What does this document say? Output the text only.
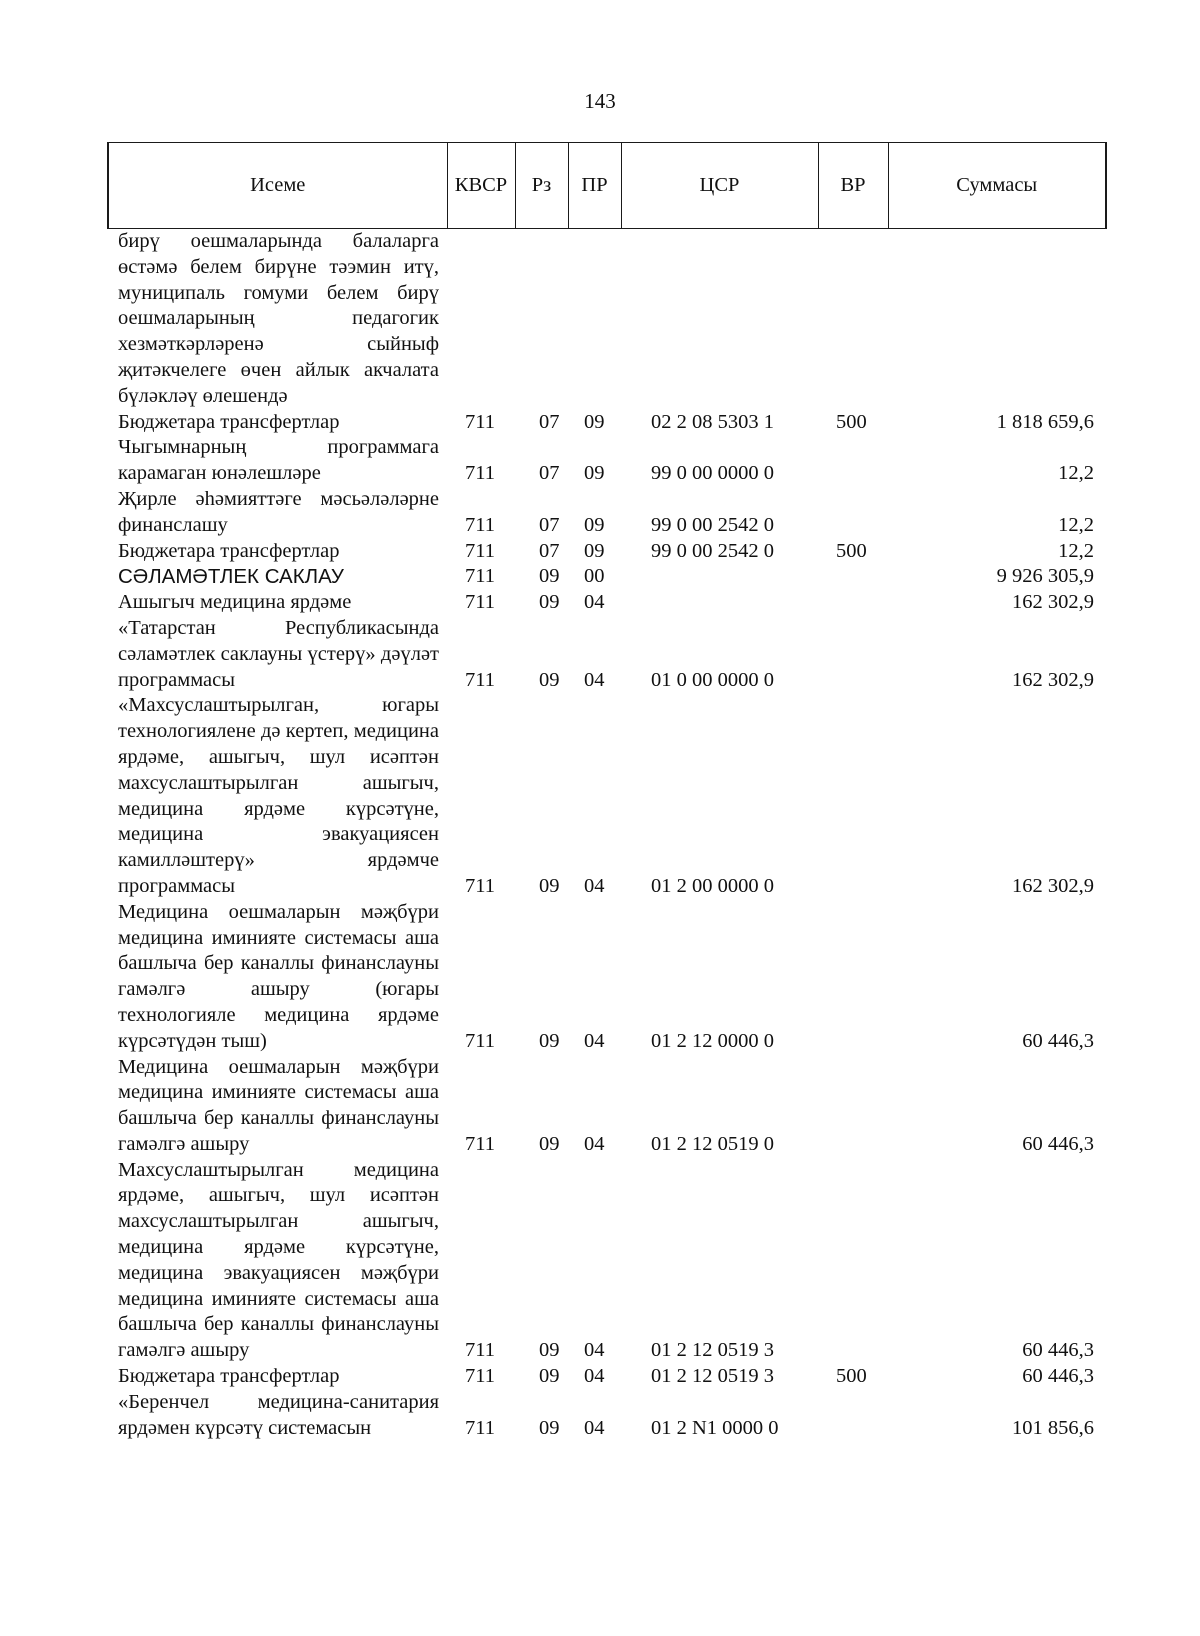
143
Исеме	КВСР	Рз	ПР	ЦСР	ВР	Суммасы
бирү оешмаларында балаларга өстәмә белем бирүне тәэмин итү, муниципаль гомуми белем бирү оешмаларының педагогик хезмәткәрләренә сыйныф җитәкчелеге өчен айлык акчалата бүләкләү өлешендә						
Бюджетара трансфертлар	711	07	09	02 2 08 5303 1	500	1 818 659,6
Чыгымнарның программага карамаган юнәлешләре	711	07	09	99 0 00 0000 0		12,2
Җирле әһәмияттәге мәсьәләләрне финанслашу	711	07	09	99 0 00 2542 0		12,2
Бюджетара трансфертлар	711	07	09	99 0 00 2542 0	500	12,2
СӘЛАМӘТЛЕК САКЛАУ	711	09	00			9 926 305,9
Ашыгыч медицина ярдәме	711	09	04			162 302,9
«Татарстан Республикасында сәламәтлек саклауны үстерү» дәүләт программасы	711	09	04	01 0 00 0000 0		162 302,9
«Махсуслаштырылган, югары технологиялене дә кертеп, медицина ярдәме, ашыгыч, шул исәптән махсуслаштырылган ашыгыч, медицина ярдәме күрсәтүне, медицина эвакуациясен камилләштерү» ярдәмче программасы	711	09	04	01 2 00 0000 0		162 302,9
Медицина оешмаларын мәҗбүри медицина иминияте системасы аша башлыча бер каналлы финанслауны гамәлгә ашыру (югары технологияле медицина ярдәме күрсәтүдән тыш)	711	09	04	01 2 12 0000 0		60 446,3
Медицина оешмаларын мәҗбүри медицина иминияте системасы аша башлыча бер каналлы финанслауны гамәлгә ашыру	711	09	04	01 2 12 0519 0		60 446,3
Махсуслаштырылган медицина ярдәме, ашыгыч, шул исәптән махсуслаштырылган ашыгыч, медицина ярдәме күрсәтүне, медицина эвакуациясен мәҗбүри медицина иминияте системасы аша башлыча бер каналлы финанслауны гамәлгә ашыру	711	09	04	01 2 12 0519 3		60 446,3
Бюджетара трансфертлар	711	09	04	01 2 12 0519 3	500	60 446,3
«Беренчел медицина-санитария ярдәмен күрсәтү системасын	711	09	04	01 2 N1 0000 0		101 856,6
